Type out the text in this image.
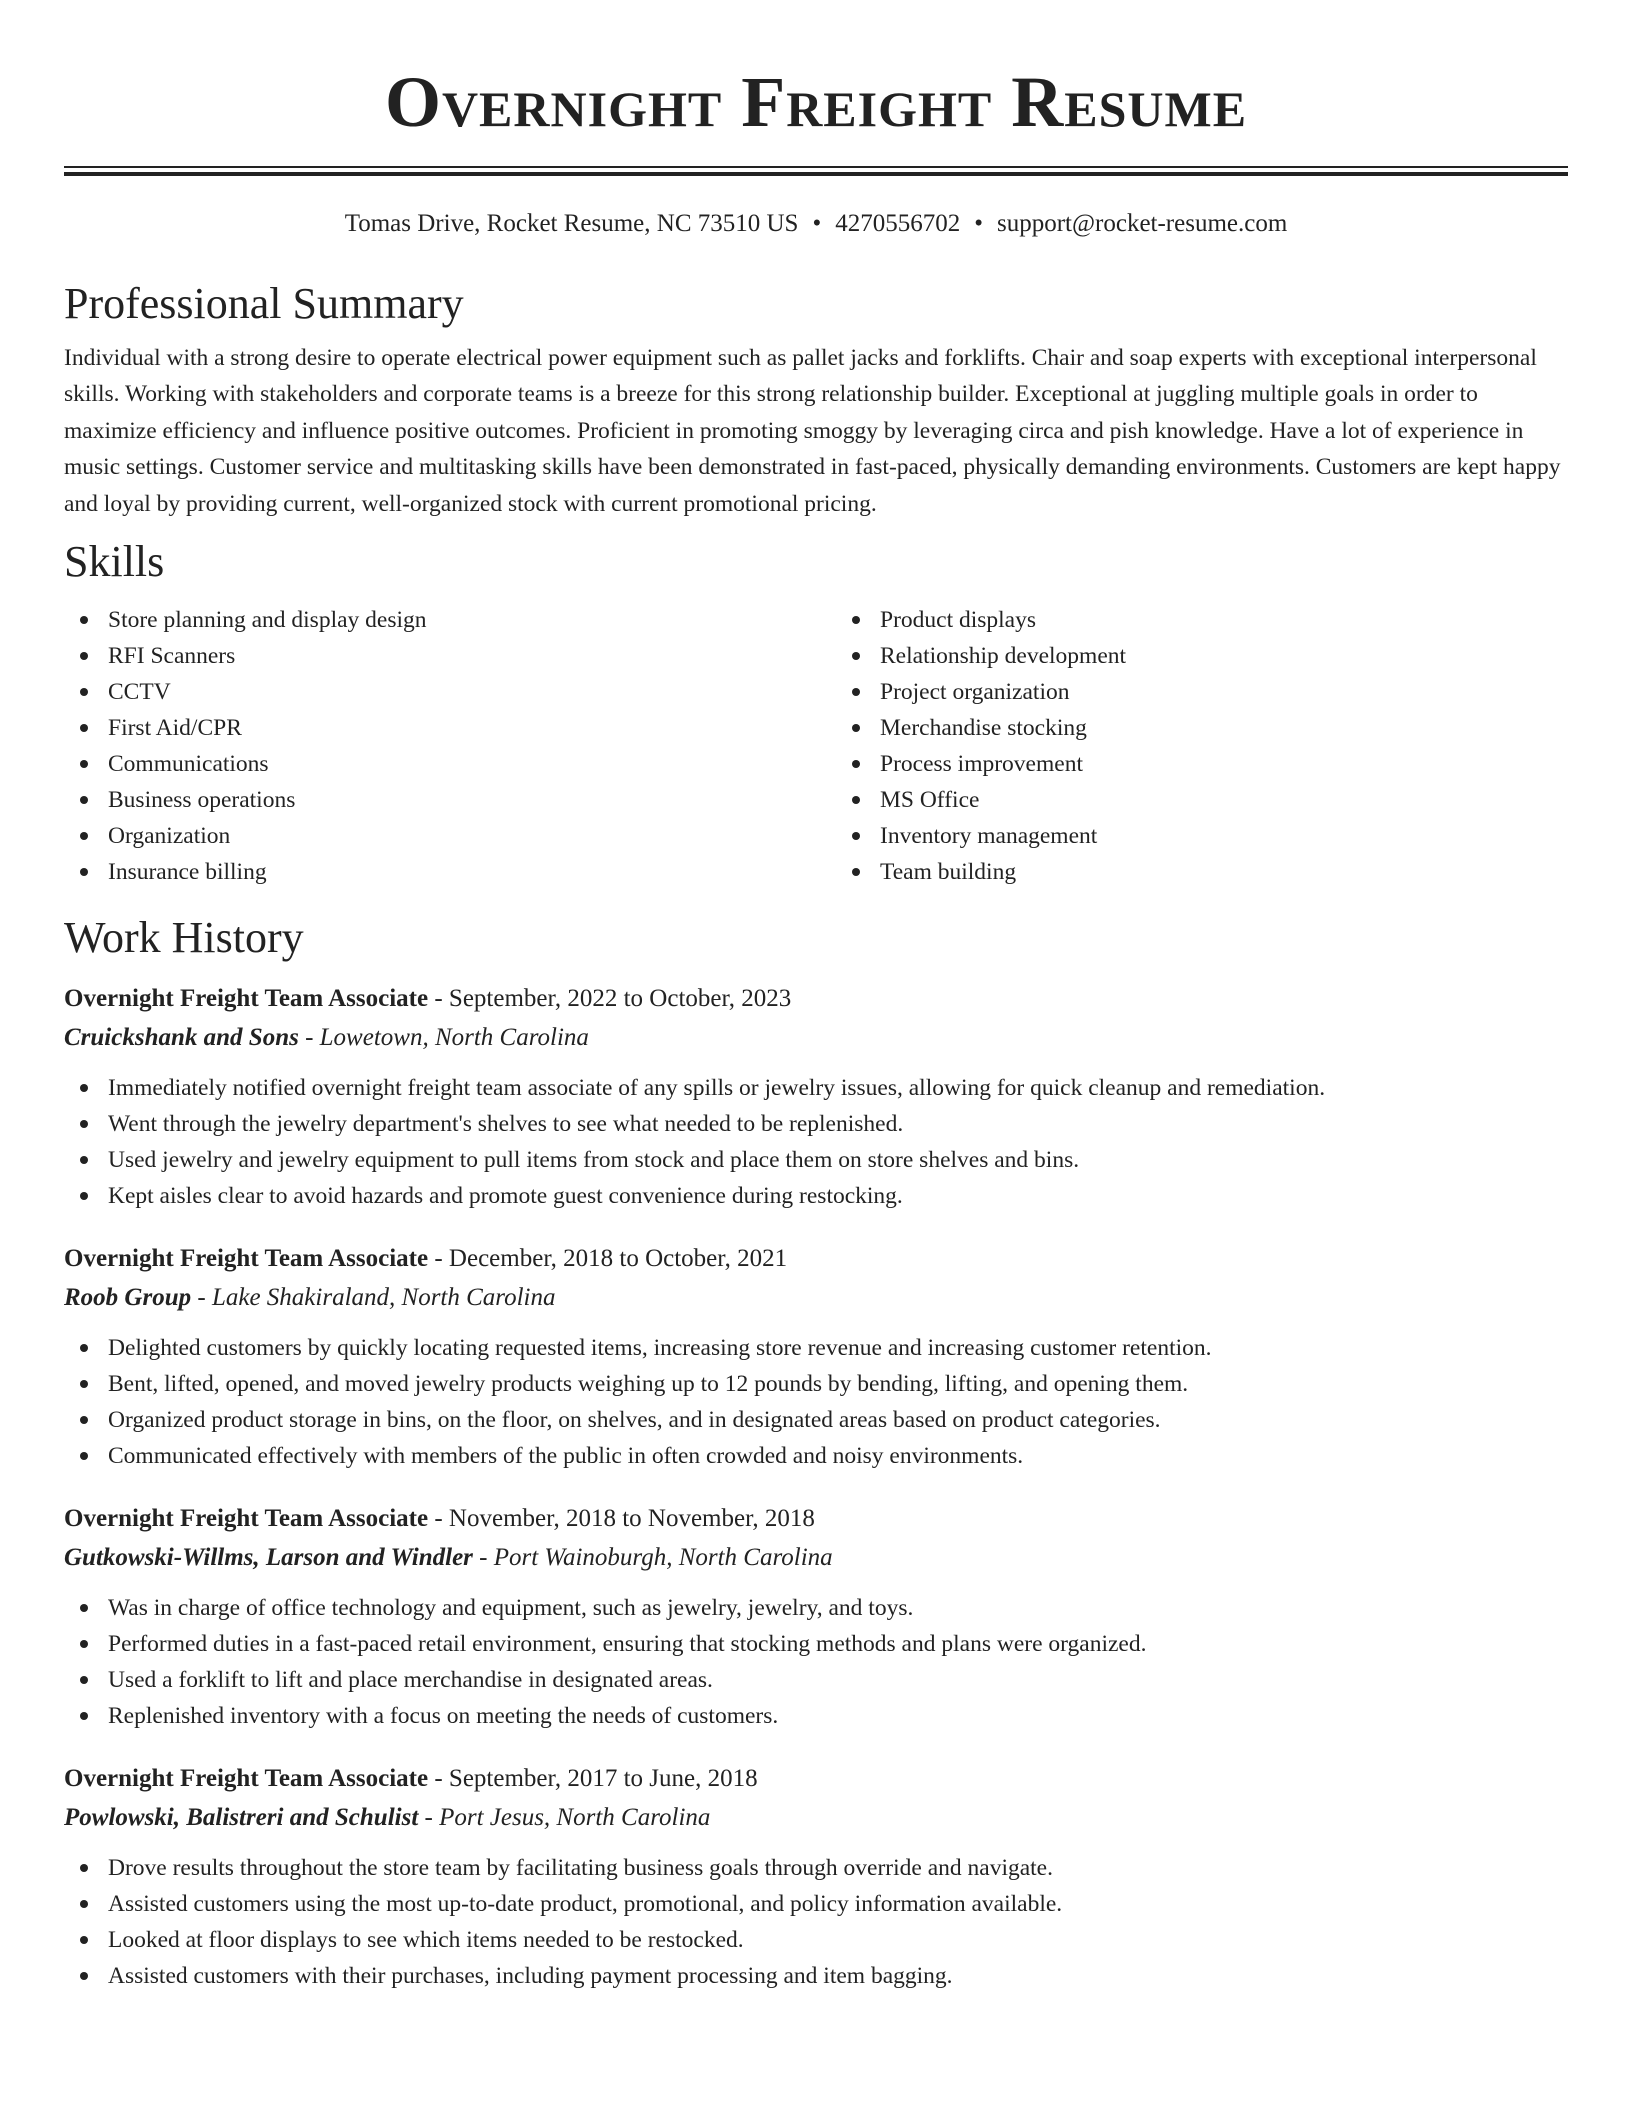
Overnight Freight Resume
Tomas Drive, Rocket Resume, NC 73510 US • 4270556702 • support@rocket-resume.com
Professional Summary
Individual with a strong desire to operate electrical power equipment such as pallet jacks and forklifts. Chair and soap experts with exceptional interpersonal skills. Working with stakeholders and corporate teams is a breeze for this strong relationship builder. Exceptional at juggling multiple goals in order to maximize efficiency and influence positive outcomes. Proficient in promoting smoggy by leveraging circa and pish knowledge. Have a lot of experience in music settings. Customer service and multitasking skills have been demonstrated in fast-paced, physically demanding environments. Customers are kept happy and loyal by providing current, well-organized stock with current promotional pricing.
Skills
Store planning and display design
RFI Scanners
CCTV
First Aid/CPR
Communications
Business operations
Organization
Insurance billing
Product displays
Relationship development
Project organization
Merchandise stocking
Process improvement
MS Office
Inventory management
Team building
Work History
Overnight Freight Team Associate - September, 2022 to October, 2023
Cruickshank and Sons - Lowetown, North Carolina
Immediately notified overnight freight team associate of any spills or jewelry issues, allowing for quick cleanup and remediation.
Went through the jewelry department's shelves to see what needed to be replenished.
Used jewelry and jewelry equipment to pull items from stock and place them on store shelves and bins.
Kept aisles clear to avoid hazards and promote guest convenience during restocking.
Overnight Freight Team Associate - December, 2018 to October, 2021
Roob Group - Lake Shakiraland, North Carolina
Delighted customers by quickly locating requested items, increasing store revenue and increasing customer retention.
Bent, lifted, opened, and moved jewelry products weighing up to 12 pounds by bending, lifting, and opening them.
Organized product storage in bins, on the floor, on shelves, and in designated areas based on product categories.
Communicated effectively with members of the public in often crowded and noisy environments.
Overnight Freight Team Associate - November, 2018 to November, 2018
Gutkowski-Willms, Larson and Windler - Port Wainoburgh, North Carolina
Was in charge of office technology and equipment, such as jewelry, jewelry, and toys.
Performed duties in a fast-paced retail environment, ensuring that stocking methods and plans were organized.
Used a forklift to lift and place merchandise in designated areas.
Replenished inventory with a focus on meeting the needs of customers.
Overnight Freight Team Associate - September, 2017 to June, 2018
Powlowski, Balistreri and Schulist - Port Jesus, North Carolina
Drove results throughout the store team by facilitating business goals through override and navigate.
Assisted customers using the most up-to-date product, promotional, and policy information available.
Looked at floor displays to see which items needed to be restocked.
Assisted customers with their purchases, including payment processing and item bagging.
